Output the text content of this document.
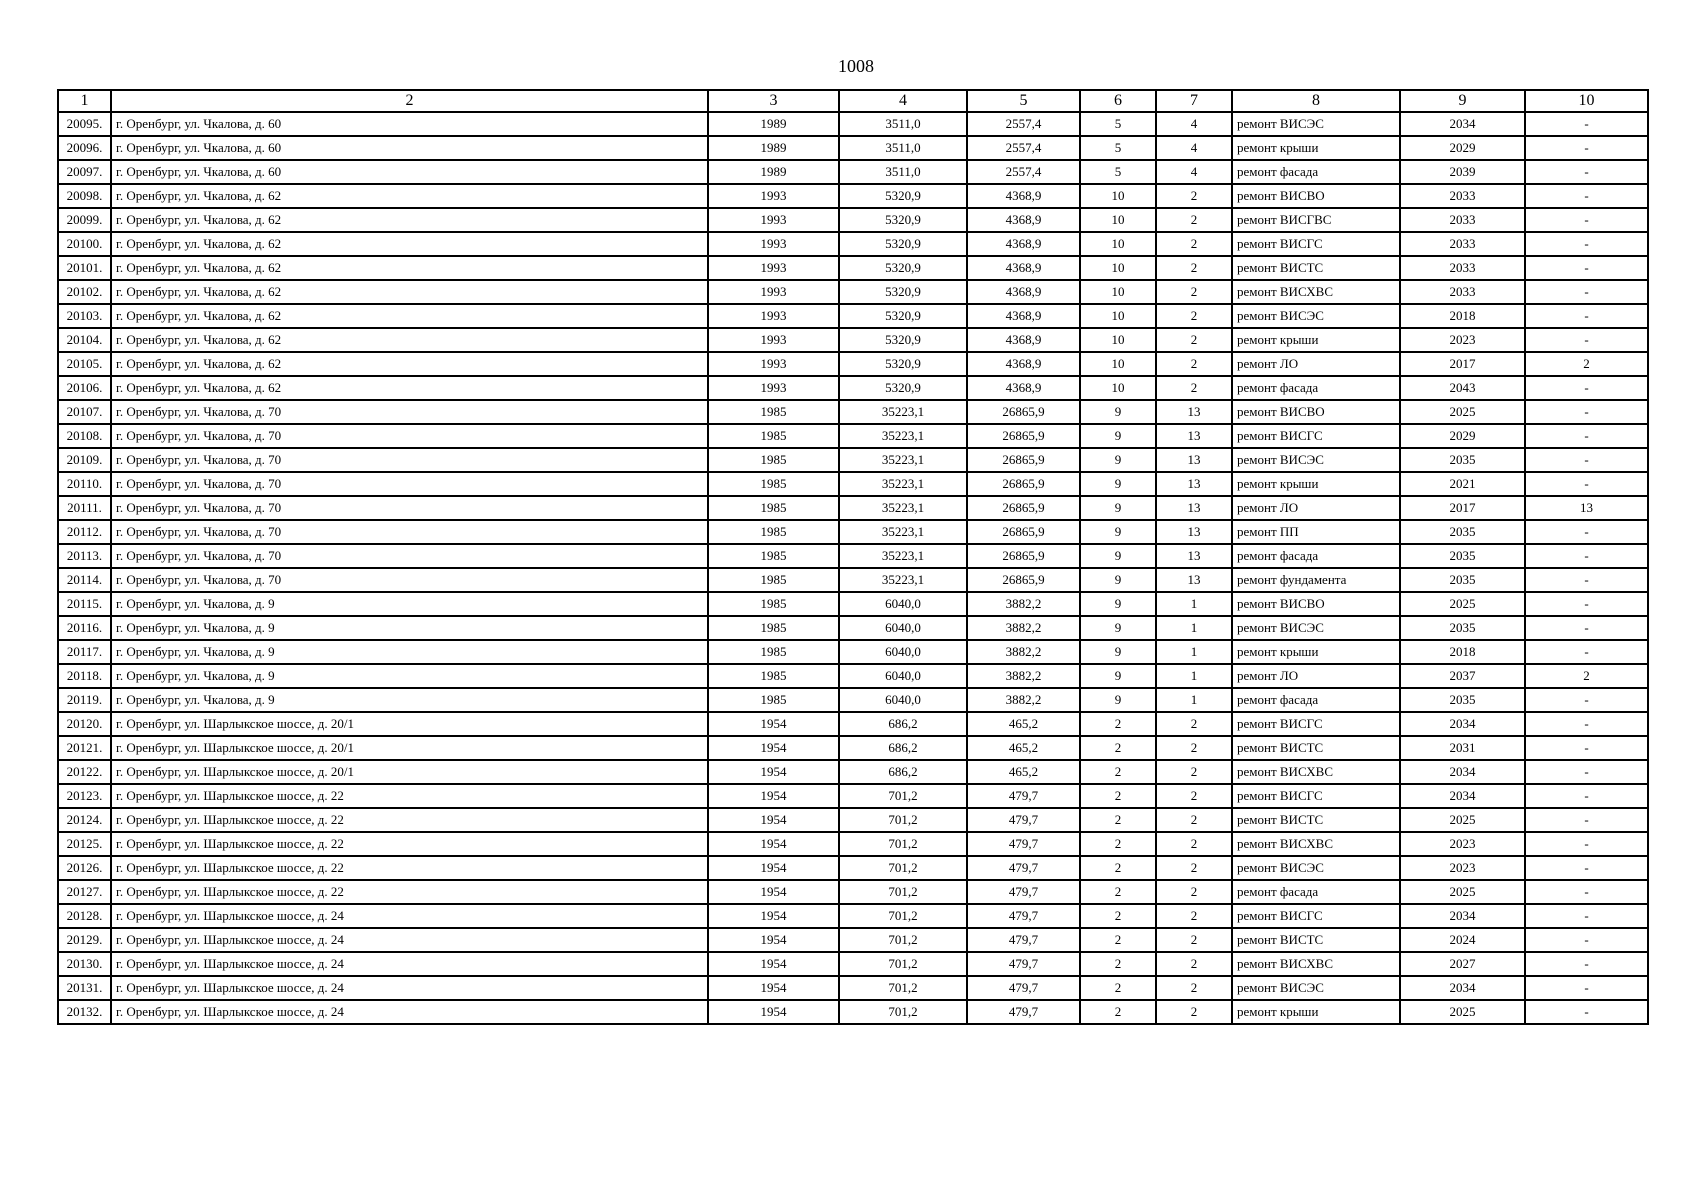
1008
1	2	3	4	5	6	7	8	9	10
20095.	г. Оренбург, ул. Чкалова, д. 60	1989	3511,0	2557,4	5	4	ремонт ВИСЭС	2034	-
20096.	г. Оренбург, ул. Чкалова, д. 60	1989	3511,0	2557,4	5	4	ремонт крыши	2029	-
20097.	г. Оренбург, ул. Чкалова, д. 60	1989	3511,0	2557,4	5	4	ремонт фасада	2039	-
20098.	г. Оренбург, ул. Чкалова, д. 62	1993	5320,9	4368,9	10	2	ремонт ВИСВО	2033	-
20099.	г. Оренбург, ул. Чкалова, д. 62	1993	5320,9	4368,9	10	2	ремонт ВИСГВС	2033	-
20100.	г. Оренбург, ул. Чкалова, д. 62	1993	5320,9	4368,9	10	2	ремонт ВИСГС	2033	-
20101.	г. Оренбург, ул. Чкалова, д. 62	1993	5320,9	4368,9	10	2	ремонт ВИСТС	2033	-
20102.	г. Оренбург, ул. Чкалова, д. 62	1993	5320,9	4368,9	10	2	ремонт ВИСХВС	2033	-
20103.	г. Оренбург, ул. Чкалова, д. 62	1993	5320,9	4368,9	10	2	ремонт ВИСЭС	2018	-
20104.	г. Оренбург, ул. Чкалова, д. 62	1993	5320,9	4368,9	10	2	ремонт крыши	2023	-
20105.	г. Оренбург, ул. Чкалова, д. 62	1993	5320,9	4368,9	10	2	ремонт ЛО	2017	2
20106.	г. Оренбург, ул. Чкалова, д. 62	1993	5320,9	4368,9	10	2	ремонт фасада	2043	-
20107.	г. Оренбург, ул. Чкалова, д. 70	1985	35223,1	26865,9	9	13	ремонт ВИСВО	2025	-
20108.	г. Оренбург, ул. Чкалова, д. 70	1985	35223,1	26865,9	9	13	ремонт ВИСГС	2029	-
20109.	г. Оренбург, ул. Чкалова, д. 70	1985	35223,1	26865,9	9	13	ремонт ВИСЭС	2035	-
20110.	г. Оренбург, ул. Чкалова, д. 70	1985	35223,1	26865,9	9	13	ремонт крыши	2021	-
20111.	г. Оренбург, ул. Чкалова, д. 70	1985	35223,1	26865,9	9	13	ремонт ЛО	2017	13
20112.	г. Оренбург, ул. Чкалова, д. 70	1985	35223,1	26865,9	9	13	ремонт ПП	2035	-
20113.	г. Оренбург, ул. Чкалова, д. 70	1985	35223,1	26865,9	9	13	ремонт фасада	2035	-
20114.	г. Оренбург, ул. Чкалова, д. 70	1985	35223,1	26865,9	9	13	ремонт фундамента	2035	-
20115.	г. Оренбург, ул. Чкалова, д. 9	1985	6040,0	3882,2	9	1	ремонт ВИСВО	2025	-
20116.	г. Оренбург, ул. Чкалова, д. 9	1985	6040,0	3882,2	9	1	ремонт ВИСЭС	2035	-
20117.	г. Оренбург, ул. Чкалова, д. 9	1985	6040,0	3882,2	9	1	ремонт крыши	2018	-
20118.	г. Оренбург, ул. Чкалова, д. 9	1985	6040,0	3882,2	9	1	ремонт ЛО	2037	2
20119.	г. Оренбург, ул. Чкалова, д. 9	1985	6040,0	3882,2	9	1	ремонт фасада	2035	-
20120.	г. Оренбург, ул. Шарлыкское шоссе, д. 20/1	1954	686,2	465,2	2	2	ремонт ВИСГС	2034	-
20121.	г. Оренбург, ул. Шарлыкское шоссе, д. 20/1	1954	686,2	465,2	2	2	ремонт ВИСТС	2031	-
20122.	г. Оренбург, ул. Шарлыкское шоссе, д. 20/1	1954	686,2	465,2	2	2	ремонт ВИСХВС	2034	-
20123.	г. Оренбург, ул. Шарлыкское шоссе, д. 22	1954	701,2	479,7	2	2	ремонт ВИСГС	2034	-
20124.	г. Оренбург, ул. Шарлыкское шоссе, д. 22	1954	701,2	479,7	2	2	ремонт ВИСТС	2025	-
20125.	г. Оренбург, ул. Шарлыкское шоссе, д. 22	1954	701,2	479,7	2	2	ремонт ВИСХВС	2023	-
20126.	г. Оренбург, ул. Шарлыкское шоссе, д. 22	1954	701,2	479,7	2	2	ремонт ВИСЭС	2023	-
20127.	г. Оренбург, ул. Шарлыкское шоссе, д. 22	1954	701,2	479,7	2	2	ремонт фасада	2025	-
20128.	г. Оренбург, ул. Шарлыкское шоссе, д. 24	1954	701,2	479,7	2	2	ремонт ВИСГС	2034	-
20129.	г. Оренбург, ул. Шарлыкское шоссе, д. 24	1954	701,2	479,7	2	2	ремонт ВИСТС	2024	-
20130.	г. Оренбург, ул. Шарлыкское шоссе, д. 24	1954	701,2	479,7	2	2	ремонт ВИСХВС	2027	-
20131.	г. Оренбург, ул. Шарлыкское шоссе, д. 24	1954	701,2	479,7	2	2	ремонт ВИСЭС	2034	-
20132.	г. Оренбург, ул. Шарлыкское шоссе, д. 24	1954	701,2	479,7	2	2	ремонт крыши	2025	-
